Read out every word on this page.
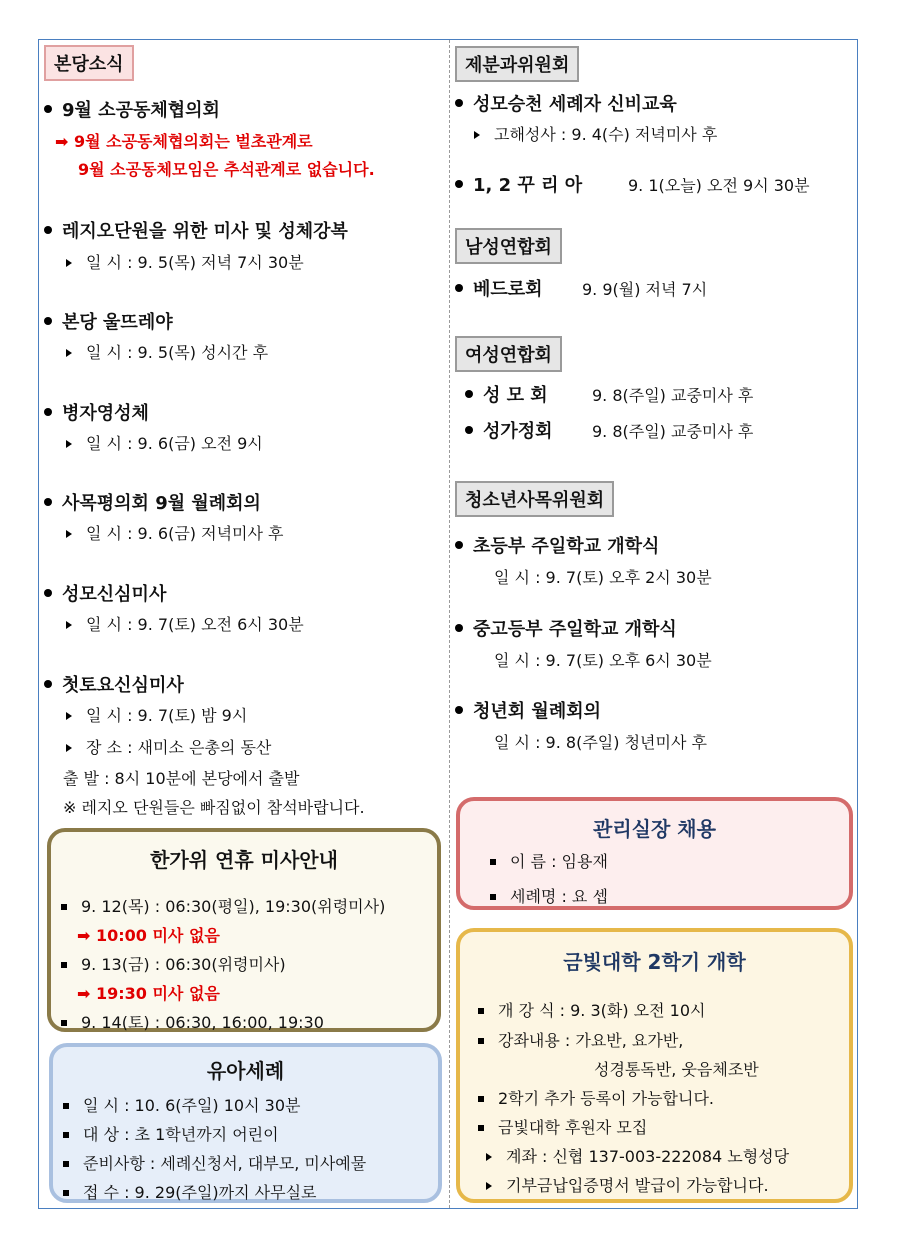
본당소식
9월 소공동체협의회
➡ 9월 소공동체협의회는 벌초관계로
9월 소공동체모임은 추석관계로 없습니다.
레지오단원을 위한 미사 및 성체강복
일 시 : 9. 5(목) 저녁 7시 30분
본당 울뜨레야
일 시 : 9. 5(목) 성시간 후
병자영성체
일 시 : 9. 6(금) 오전 9시
사목평의회 9월 월례회의
일 시 : 9. 6(금) 저녁미사 후
성모신심미사
일 시 : 9. 7(토) 오전 6시 30분
첫토요신심미사
일 시 : 9. 7(토) 밤 9시
장 소 : 새미소 은총의 동산
출 발 : 8시 10분에 본당에서 출발
※ 레지오 단원들은 빠짐없이 참석바랍니다.
한가위 연휴 미사안내
9. 12(목) : 06:30(평일), 19:30(위령미사)
➡ 10:00 미사 없음
9. 13(금) : 06:30(위령미사)
➡ 19:30 미사 없음
9. 14(토) : 06:30, 16:00, 19:30
유아세례
일 시 : 10. 6(주일) 10시 30분
대 상 : 초 1학년까지 어린이
준비사항 : 세례신청서, 대부모, 미사예물
접 수 : 9. 29(주일)까지 사무실로
제분과위원회
성모승천 세례자 신비교육
고해성사 : 9. 4(수) 저녁미사 후
1, 2 꾸 리 아	9. 1(오늘) 오전 9시 30분
남성연합회
베드로회 9. 9(월) 저녁 7시
여성연합회
성 모 회	9. 8(주일) 교중미사 후
성가정회 9. 8(주일) 교중미사 후
청소년사목위원회
초등부 주일학교 개학식
일 시 : 9. 7(토) 오후 2시 30분
중고등부 주일학교 개학식
일 시 : 9. 7(토) 오후 6시 30분
청년회 월례회의
일 시 : 9. 8(주일) 청년미사 후
관리실장 채용
이 름 : 임용재
세례명 : 요 셉
금빛대학 2학기 개학
개 강 식 : 9. 3(화) 오전 10시
강좌내용 : 가요반, 요가반,
성경통독반, 웃음체조반
2학기 추가 등록이 가능합니다.
금빛대학 후원자 모집
계좌 : 신협 137-003-222084 노형성당
기부금납입증명서 발급이 가능합니다.
